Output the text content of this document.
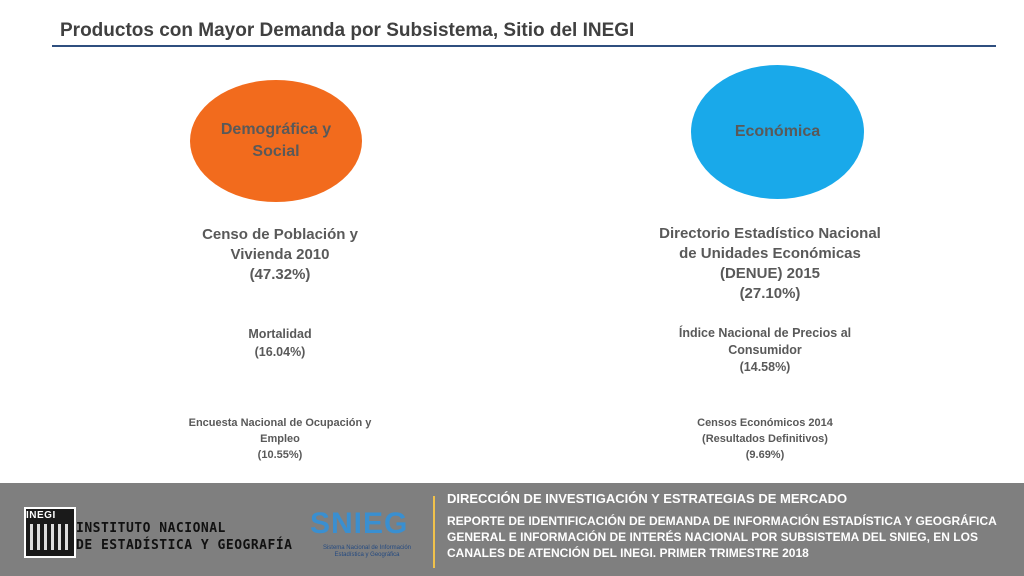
Productos con Mayor Demanda por Subsistema, Sitio del INEGI
Demográfica y Social
Económica
Censo de Población y Vivienda 2010
(47.32%)
Mortalidad
(16.04%)
Encuesta Nacional de Ocupación y Empleo
(10.55%)
Directorio Estadístico Nacional de Unidades Económicas (DENUE) 2015
(27.10%)
Índice Nacional de Precios al Consumidor
(14.58%)
Censos Económicos 2014 (Resultados Definitivos)
(9.69%)
INEGI
INSTITUTO NACIONAL
DE ESTADÍSTICA Y GEOGRAFÍA
SNIEG
Sistema Nacional de Información Estadística y Geográfica
DIRECCIÓN DE INVESTIGACIÓN Y ESTRATEGIAS DE MERCADO
REPORTE DE IDENTIFICACIÓN DE DEMANDA DE INFORMACIÓN ESTADÍSTICA Y GEOGRÁFICA GENERAL E INFORMACIÓN DE INTERÉS NACIONAL POR SUBSISTEMA DEL SNIEG, EN LOS CANALES DE ATENCIÓN DEL INEGI. PRIMER TRIMESTRE 2018
